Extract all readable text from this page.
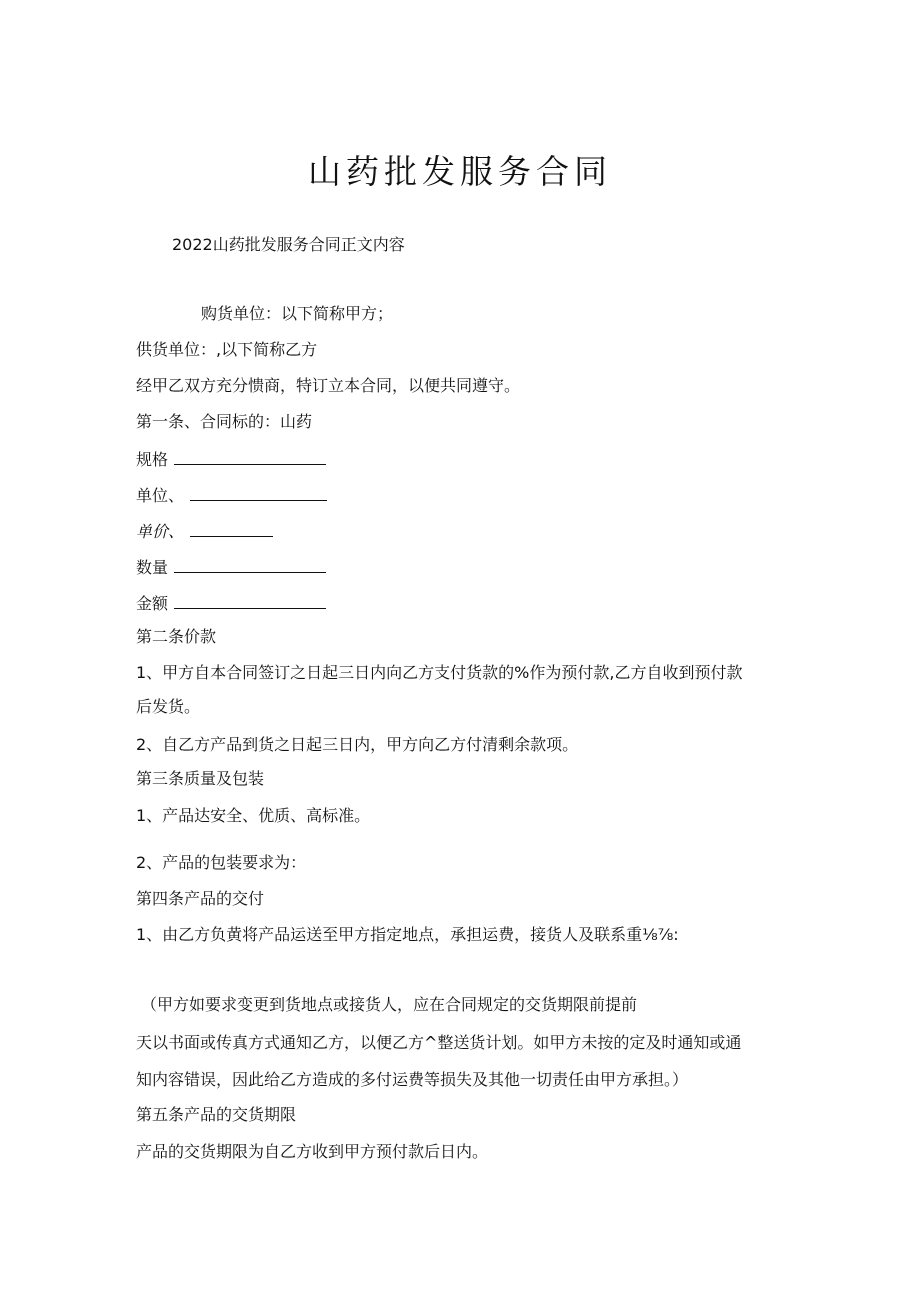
山药批发服务合同
2022山药批发服务合同正文内容
购货单位：以下简称甲方；
供货单位：,以下简称乙方
经甲乙双方充分愦商，特订立本合同，以便共同遵守。
第一条、合同标的：山药
规格
单位、
单价、
数量
金额
第二条价款
1、甲方自本合同签订之日起三日内向乙方支付货款的%作为预付款,乙方自收到预付款
后发货。
2、自乙方产品到货之日起三日内，甲方向乙方付清剩余款项。
第三条质量及包装
1、产品达安全、优质、高标准。
2、产品的包装要求为：
第四条产品的交付
1、由乙方负黄将产品运送至甲方指定地点，承担运费，接货人及联系重⅛⅞:
（甲方如要求变更到货地点或接货人，应在合同规定的交货期限前提前
天以书面或传真方式通知乙方，以便乙方^整送货计划。如甲方未按的定及时通知或通
知内容错误，因此给乙方造成的多付运费等损失及其他一切责任由甲方承担。）
第五条产品的交货期限
产品的交货期限为自乙方收到甲方预付款后日内。
